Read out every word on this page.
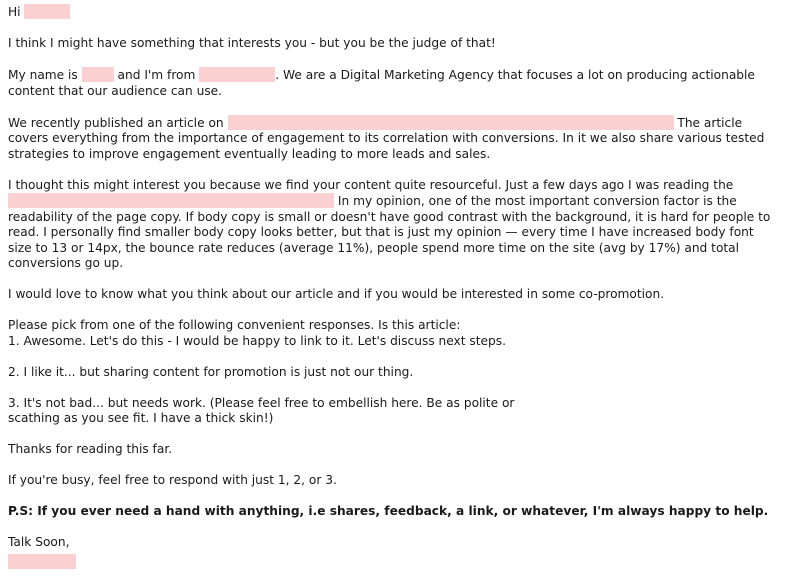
Hi

I think I might have something that interests you - but you be the judge of that!

My name is	and I'm from	. We are a Digital Marketing Agency that focuses a lot on producing actionable content that our audience can use.

We recently published an article on	The article covers everything from the importance of engagement to its correlation with conversions. In it we also share various tested strategies to improve engagement eventually leading to more leads and sales.

I thought this might interest you because we find your content quite resourceful. Just a few days ago I was reading the  In my opinion, one of the most important conversion factor is the readability of the page copy. If body copy is small or doesn't have good contrast with the background, it is hard for people to read. I personally find smaller body copy looks better, but that is just my opinion — every time I have increased body font size to 13 or 14px, the bounce rate reduces (average 11%), people spend more time on the site (avg by 17%) and total conversions go up.

I would love to know what you think about our article and if you would be interested in some co-promotion.

Please pick from one of the following convenient responses. Is this article:
1. Awesome. Let's do this - I would be happy to link to it. Let's discuss next steps.

2. I like it... but sharing content for promotion is just not our thing.

3. It's not bad... but needs work. (Please feel free to embellish here. Be as polite or
scathing as you see fit. I have a thick skin!)

Thanks for reading this far.

If you're busy, feel free to respond with just 1, 2, or 3.

P.S: If you ever need a hand with anything, i.e shares, feedback, a link, or whatever, I'm always happy to help.

Talk Soon,
